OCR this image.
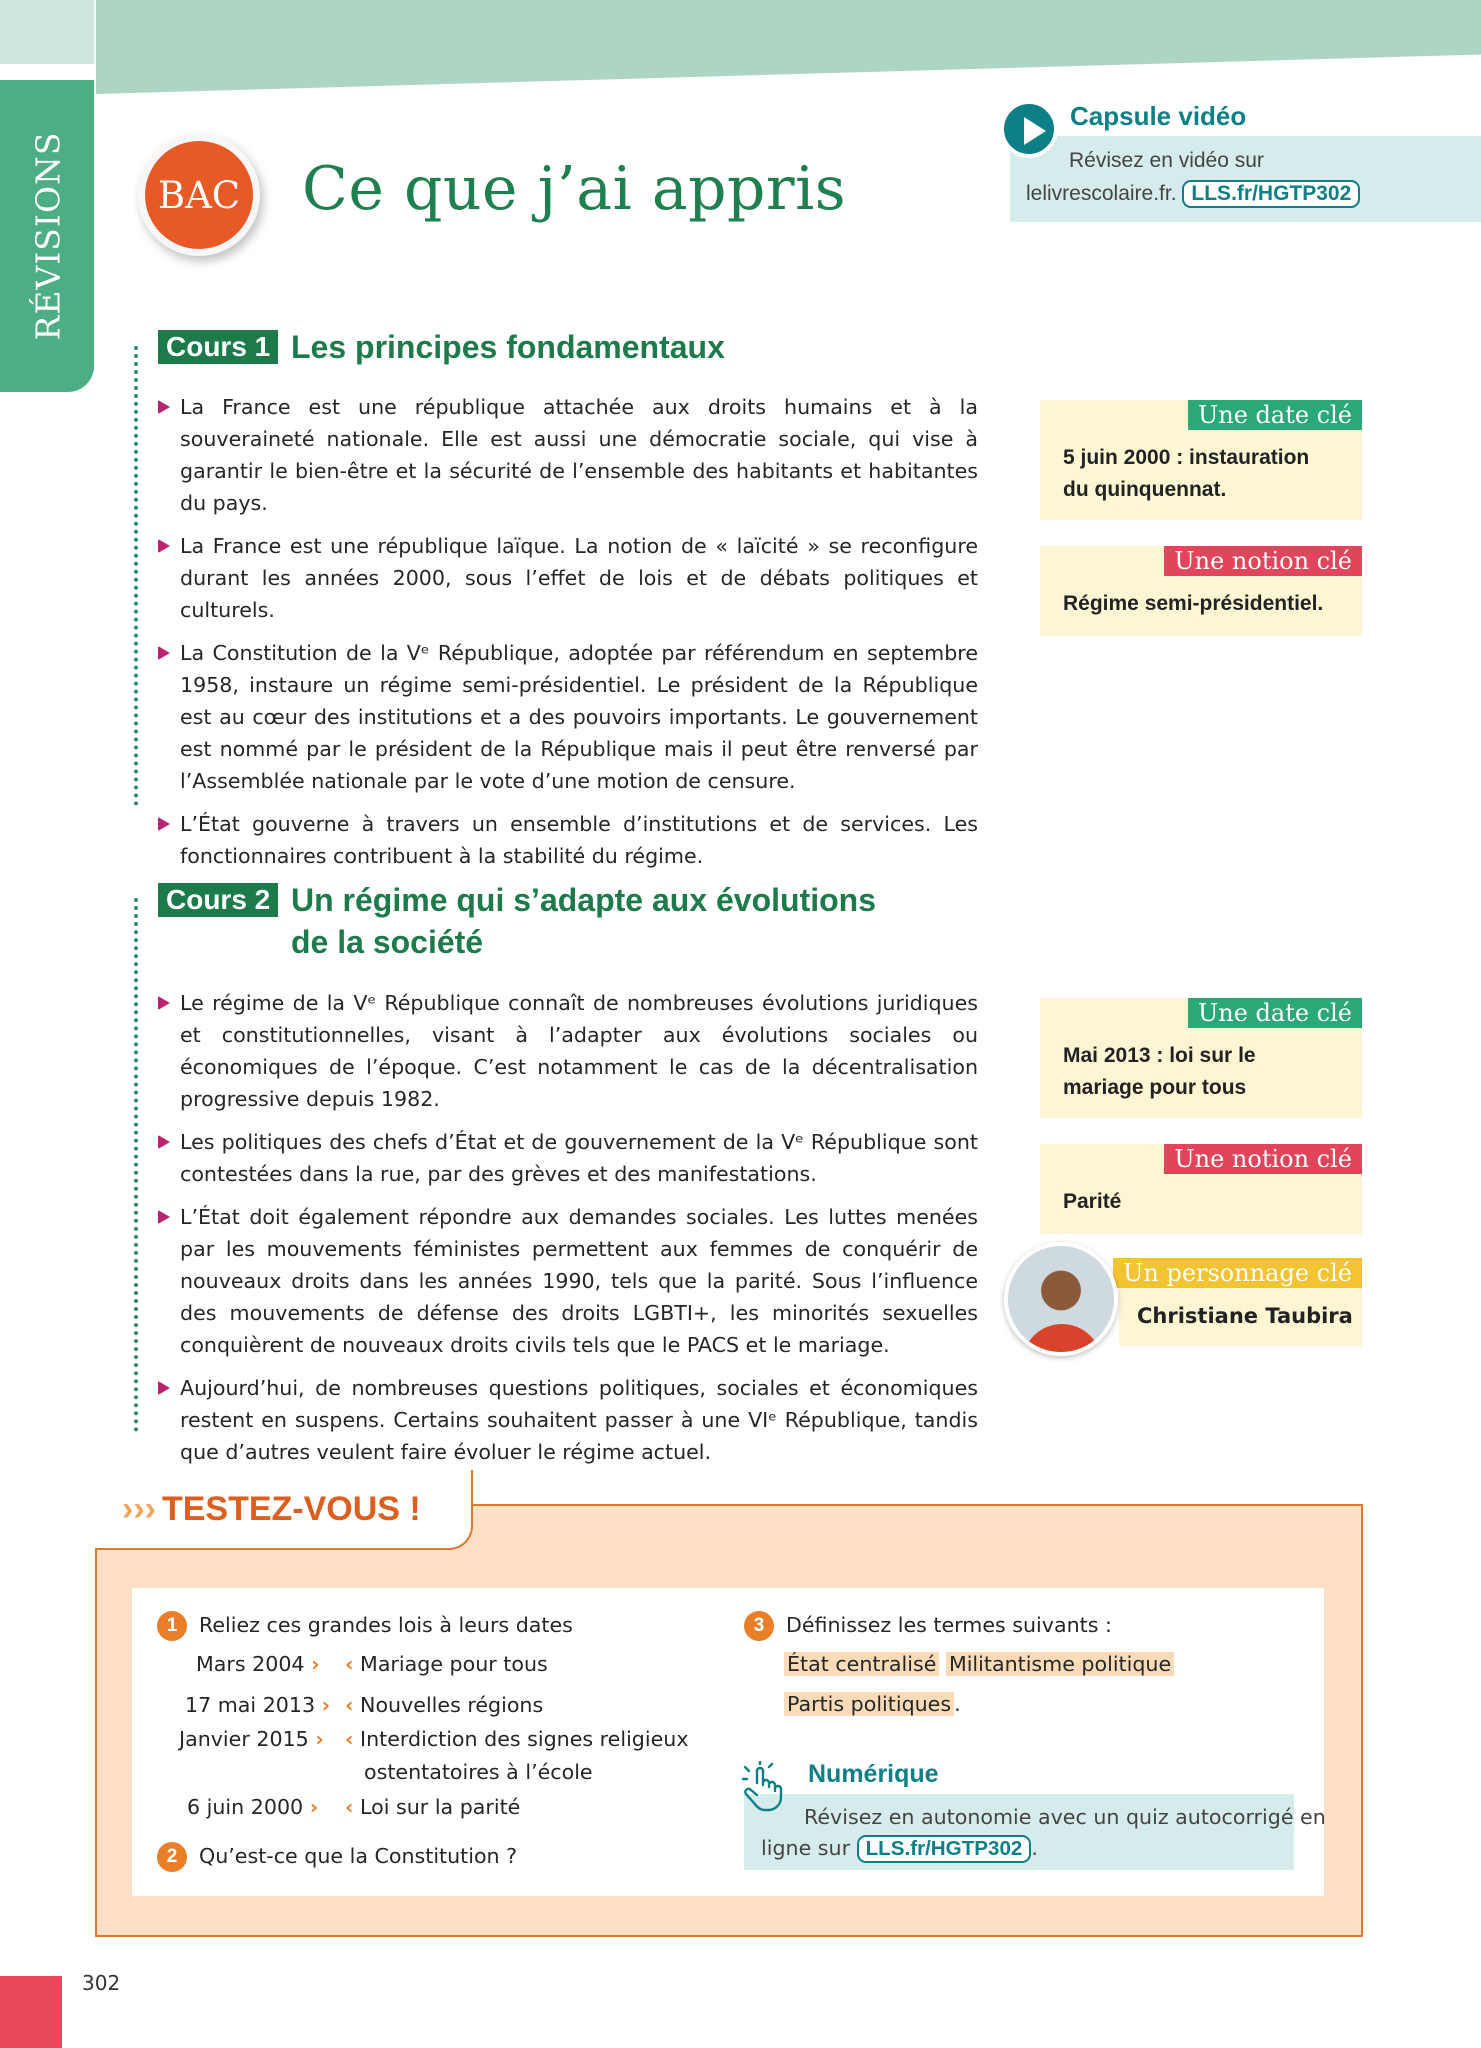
RÉVISIONS BAC Ce que j’ai appris
Capsule vidéo
Révisez en vidéo sur
lelivrescolaire.fr. LLS.fr/HGTP302
Cours 1 Les principes fondamentaux
La France est une république attachée aux droits humains et à la souveraineté nationale. Elle est aussi une démocratie sociale, qui vise à garantir le bien-être et la sécurité de l’ensemble des habitants et habitantes du pays.
La France est une république laïque. La notion de « laïcité » se reconfigure durant les années 2000, sous l’effet de lois et de débats politiques et culturels.
La Constitution de la Vᵉ République, adoptée par référendum en septembre 1958, instaure un régime semi-présidentiel. Le président de la République est au cœur des institutions et a des pouvoirs importants. Le gouvernement est nommé par le président de la République mais il peut être renversé par l’Assemblée nationale par le vote d’une motion de censure.
L’État gouverne à travers un ensemble d’institutions et de services. Les fonctionnaires contribuent à la stabilité du régime.
Une date clé
5 juin 2000 : instauration
du quinquennat.
Une notion clé
Régime semi-présidentiel.
Cours 2 Un régime qui s’adapte aux évolutions
de la société
Le régime de la Vᵉ République connaît de nombreuses évolutions juridiques et constitutionnelles, visant à l’adapter aux évolutions sociales ou économiques de l’époque. C’est notamment le cas de la décentralisation progressive depuis 1982.
Les politiques des chefs d’État et de gouvernement de la Vᵉ République sont contestées dans la rue, par des grèves et des manifestations.
L’État doit également répondre aux demandes sociales. Les luttes menées par les mouvements féministes permettent aux femmes de conquérir de nouveaux droits dans les années 1990, tels que la parité. Sous l’influence des mouvements de défense des droits LGBTI+, les minorités sexuelles conquièrent de nouveaux droits civils tels que le PACS et le mariage.
Aujourd’hui, de nombreuses questions politiques, sociales et économiques restent en suspens. Certains souhaitent passer à une VIᵉ République, tandis que d’autres veulent faire évoluer le régime actuel.
Une date clé
Mai 2013 : loi sur le
mariage pour tous
Une notion clé
Parité
Un personnage clé
Christiane Taubira
››› TESTEZ-VOUS !
1 Reliez ces grandes lois à leurs dates
Mars 2004 ›
17 mai 2013 ›
Janvier 2015 ›
6 juin 2000 ›
‹ Mariage pour tous
‹ Nouvelles régions
‹ Interdiction des signes religieux
ostentatoires à l’école
‹ Loi sur la parité
2 Qu’est-ce que la Constitution ?
3 Définissez les termes suivants :
État centralisé Militantisme politique
Partis politiques .
Numérique
Révisez en autonomie avec un quiz autocorrigé en
ligne sur LLS.fr/HGTP302 .
302
